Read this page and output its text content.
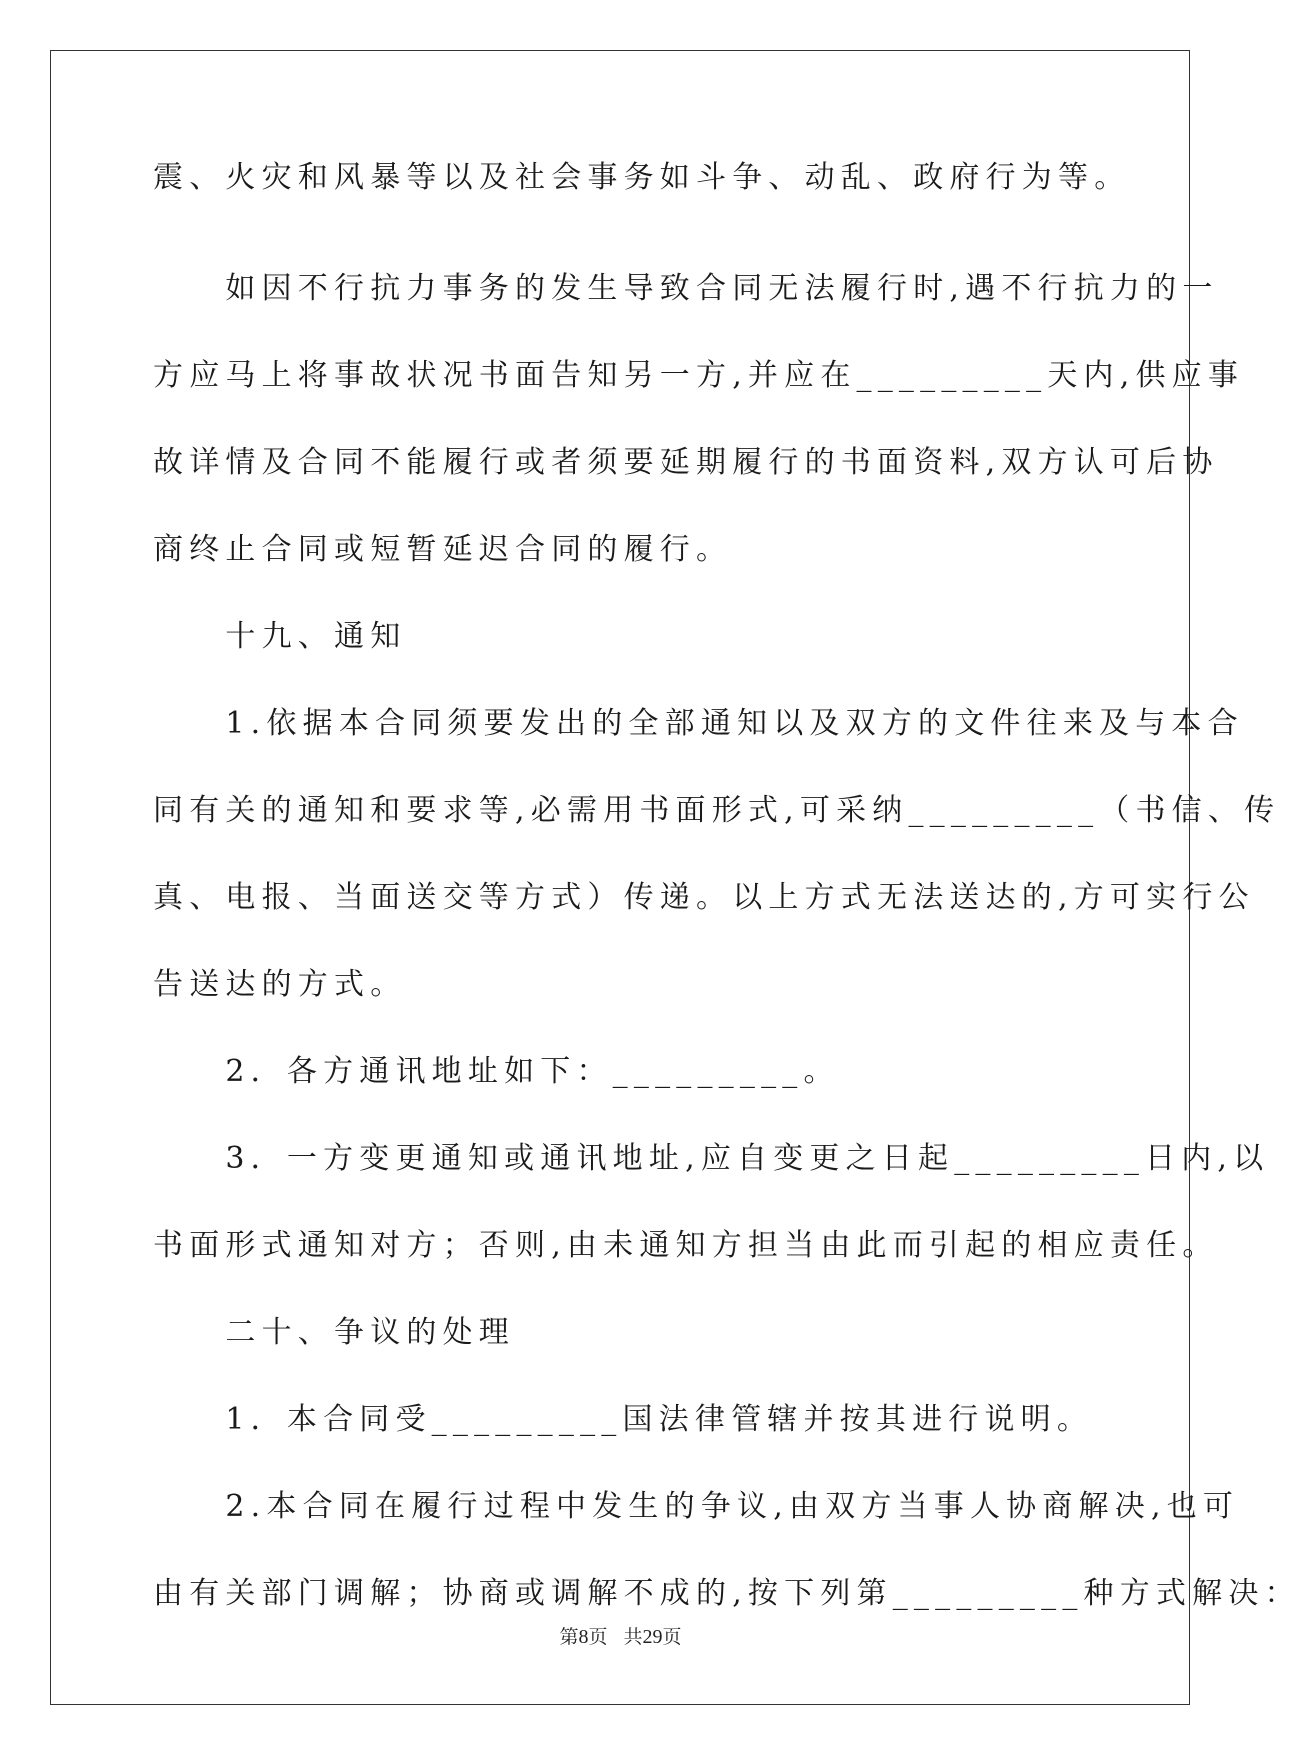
震、火灾和风暴等以及社会事务如斗争、动乱、政府行为等。
　　如因不行抗力事务的发生导致合同无法履行时,遇不行抗力的一
方应马上将事故状况书面告知另一方,并应在_________天内,供应事
故详情及合同不能履行或者须要延期履行的书面资料,双方认可后协
商终止合同或短暂延迟合同的履行。
　　十九、通知
　　1.依据本合同须要发出的全部通知以及双方的文件往来及与本合
同有关的通知和要求等,必需用书面形式,可采纳_________（书信、传
真、电报、当面送交等方式）传递。以上方式无法送达的,方可实行公
告送达的方式。
　　2．各方通讯地址如下：_________。
　　3．一方变更通知或通讯地址,应自变更之日起_________日内,以
书面形式通知对方；否则,由未通知方担当由此而引起的相应责任。
　　二十、争议的处理
　　1．本合同受_________国法律管辖并按其进行说明。
　　2.本合同在履行过程中发生的争议,由双方当事人协商解决,也可
由有关部门调解；协商或调解不成的,按下列第_________种方式解决：
第8页 共29页
